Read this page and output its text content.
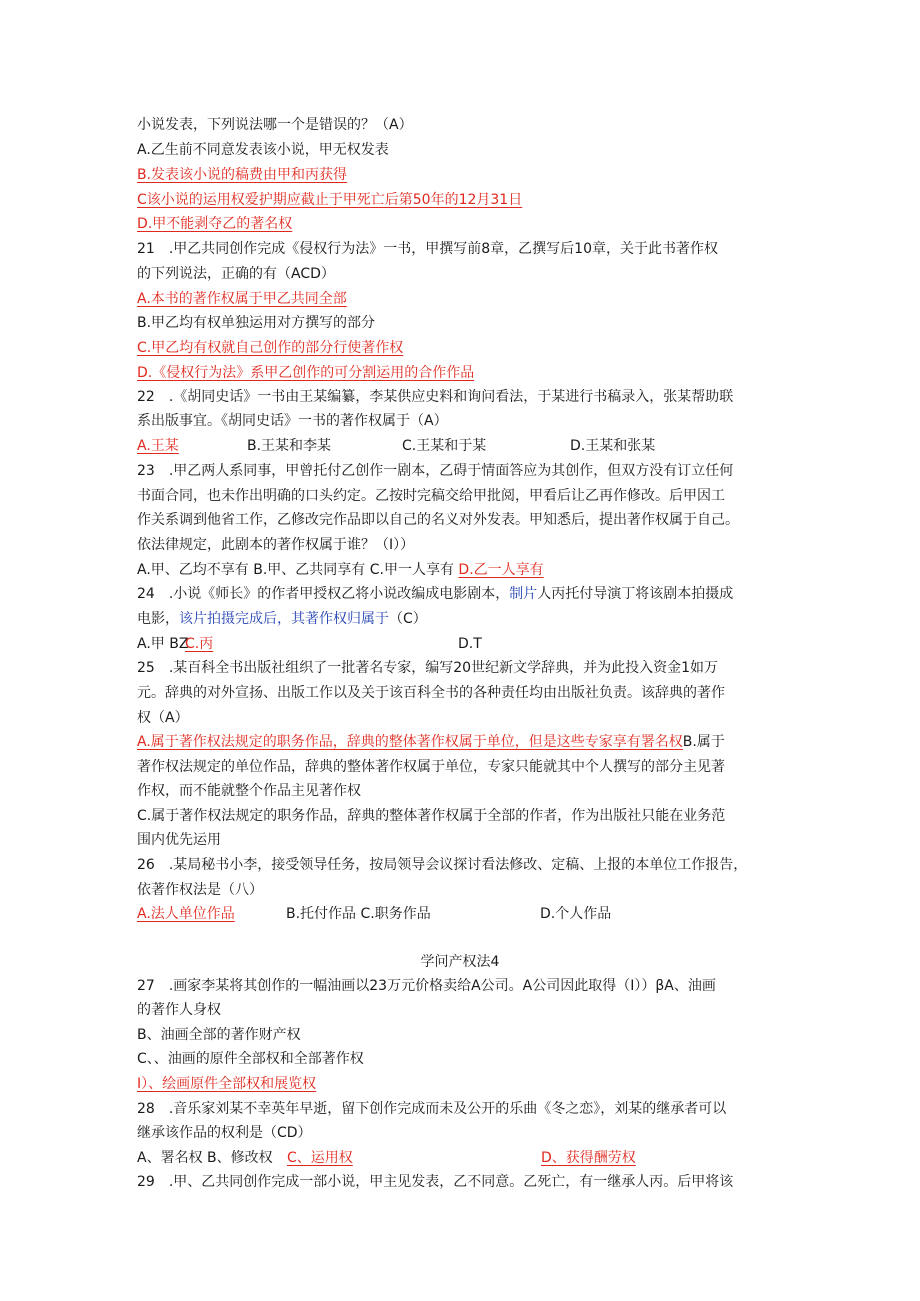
小说发表，下列说法哪一个是错误的？（A）
A.乙生前不同意发表该小说，甲无权发表
B.发表该小说的稿费由甲和丙获得
C该小说的运用权爱护期应截止于甲死亡后第50年的12月31日
D.甲不能剥夺乙的著名权
21　.甲乙共同创作完成《侵权行为法》一书，甲撰写前8章，乙撰写后10章，关于此书著作权
的下列说法，正确的有（ACD）
A.本书的著作权属于甲乙共同全部
B.甲乙均有权单独运用对方撰写的部分
C.甲乙均有权就自己创作的部分行使著作权
D.《侵权行为法》系甲乙创作的可分割运用的合作作品
22　.《胡同史话》一书由王某编纂，李某供应史料和询问看法，于某进行书稿录入，张某帮助联
系出版事宜。《胡同史话》一书的著作权属于（A）
A.王某	B.王某和李某	C.王某和于某	D.王某和张某
23　.甲乙两人系同事，甲曾托付乙创作一剧本，乙碍于情面答应为其创作，但双方没有订立任何
书面合同，也未作出明确的口头约定。乙按时完稿交给甲批阅，甲看后让乙再作修改。后甲因工
作关系调到他省工作，乙修改完作品即以自己的名义对外发表。甲知悉后，提出著作权属于自己。
依法律规定，此剧本的著作权属于谁？（I））
A.甲、乙均不享有 B.甲、乙共同享有 C.甲一人享有 D.乙一人享有
24　.小说《师长》的作者甲授权乙将小说改编成电影剧本，制片人丙托付导演丁将该剧本拍摄成
电影，该片拍摄完成后，其著作权归属于（C）
A.甲 BZ
C.丙	D.T
25　.某百科全书出版社组织了一批著名专家，编写20世纪新文学辞典，并为此投入资金1如万
元。辞典的对外宣扬、出版工作以及关于该百科全书的各种责任均由出版社负责。该辞典的著作
权（A）
A.属于著作权法规定的职务作品，辞典的整体著作权属于单位，但是这些专家享有署名权B.属于
著作权法规定的单位作品，辞典的整体著作权属于单位，专家只能就其中个人撰写的部分主见著
作权，而不能就整个作品主见著作权
C.属于著作权法规定的职务作品，辞典的整体著作权属于全部的作者，作为出版社只能在业务范
围内优先运用
26　.某局秘书小李，接受领导任务，按局领导会议探讨看法修改、定稿、上报的本单位工作报告，
依著作权法是（八）
A.法人单位作品	B.托付作品 C.职务作品	D.个人作品
学问产权法4
27　.画家李某将其创作的一幅油画以23万元价格卖给A公司。A公司因此取得（I））βA、油画
的著作人身权
B、油画全部的著作财产权
C、、油画的原件全部权和全部著作权
I）、绘画原件全部权和展览权
28　.音乐家刘某不幸英年早逝，留下创作完成而未及公开的乐曲《冬之恋》，刘某的继承者可以
继承该作品的权利是（CD）
A、署名权 B、修改权 C、运用权	D、获得酬劳权
29　.甲、乙共同创作完成一部小说，甲主见发表，乙不同意。乙死亡，有一继承人丙。后甲将该
